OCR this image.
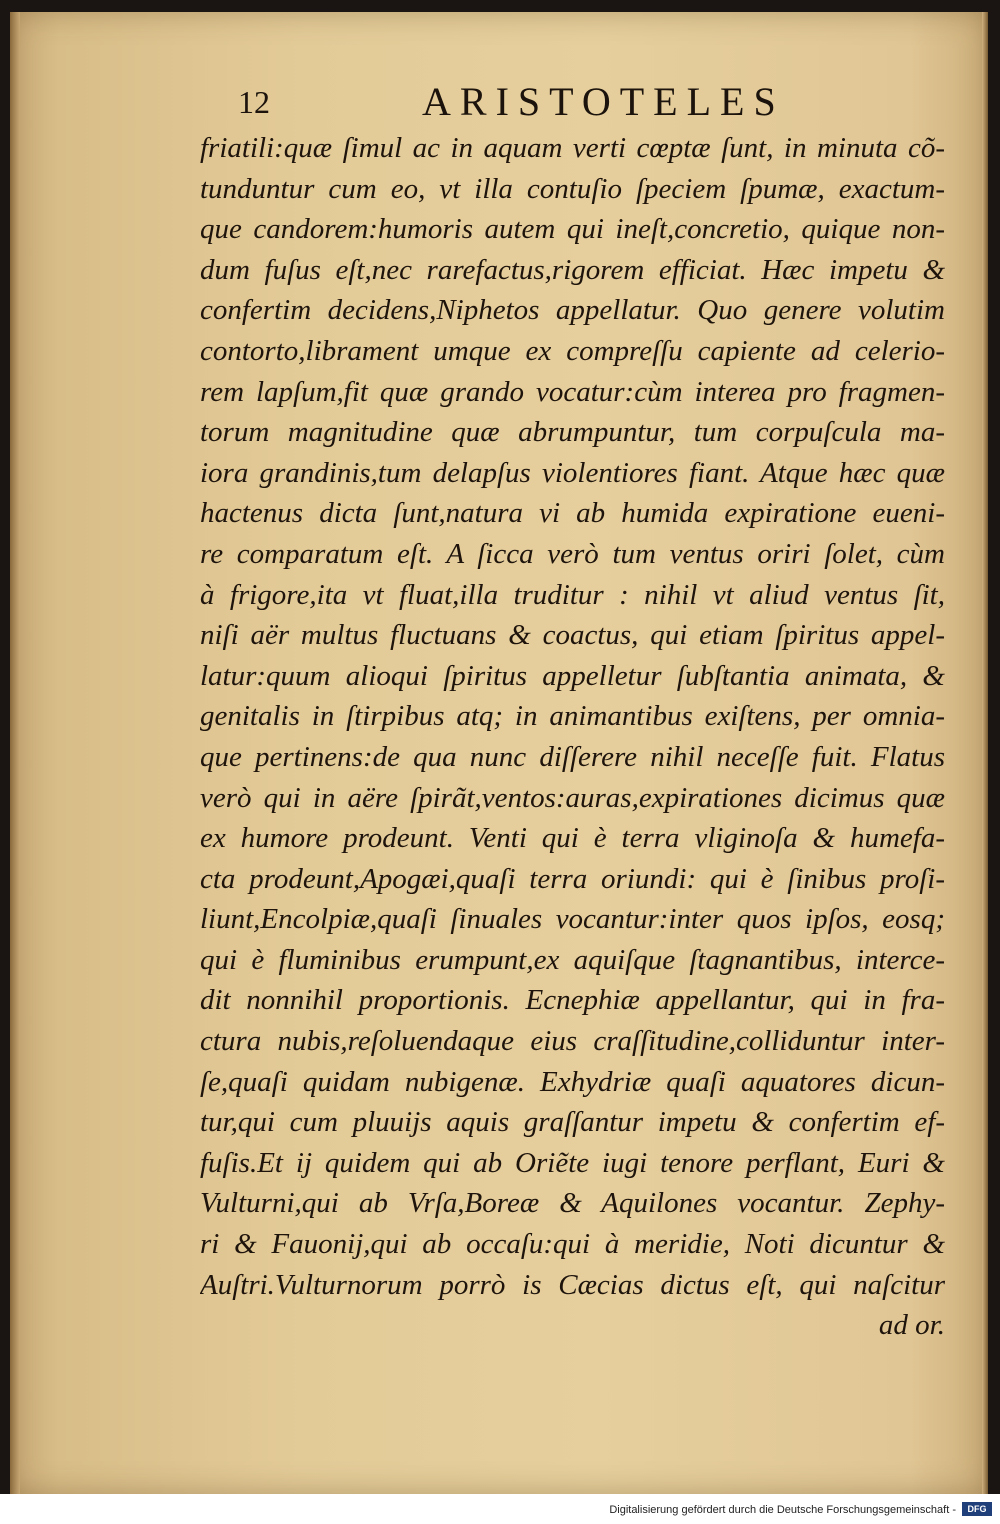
12	ARISTOTELES
friatili:quæ ſimul ac in aquam verti cœptæ ſunt, in minuta cõ-
tunduntur cum eo, vt illa contuſio ſpeciem ſpumæ, exactum-
que candorem:humoris autem qui ineſt,concretio, quique non-
dum fuſus eſt,nec rarefactus,rigorem efficiat. Hæc impetu &
confertim decidens,Niphetos appellatur. Quo genere volutim
contorto,librament umque ex compreſſu capiente ad celerio-
rem lapſum,fit quæ grando vocatur:cùm interea pro fragmen-
torum magnitudine quæ abrumpuntur, tum corpuſcula ma-
iora grandinis,tum delapſus violentiores fiant. Atque hæc quæ
hactenus dicta ſunt,natura vi ab humida expiratione eueni-
re comparatum eſt. A ſicca verò tum ventus oriri ſolet, cùm
à frigore,ita vt fluat,illa truditur : nihil vt aliud ventus ſit,
niſi aër multus fluctuans & coactus, qui etiam ſpiritus appel-
latur:quum alioqui ſpiritus appelletur ſubſtantia animata, &
genitalis in ſtirpibus atq; in animantibus exiſtens, per omnia-
que pertinens:de qua nunc diſſerere nihil neceſſe fuit. Flatus
verò qui in aëre ſpirãt,ventos:auras,expirationes dicimus quæ
ex humore prodeunt. Venti qui è terra vliginoſa & humefa-
cta prodeunt,Apogæi,quaſi terra oriundi: qui è ſinibus proſi-
liunt,Encolpiæ,quaſi ſinuales vocantur:inter quos ipſos, eosq;
qui è fluminibus erumpunt,ex aquiſque ſtagnantibus, interce-
dit nonnihil proportionis. Ecnephiæ appellantur, qui in fra-
ctura nubis,reſoluendaque eius craſſitudine,colliduntur inter-
ſe,quaſi quidam nubigenæ. Exhydriæ quaſi aquatores dicun-
tur,qui cum pluuijs aquis graſſantur impetu & confertim ef-
fuſis.Et ij quidem qui ab Oriẽte iugi tenore perflant, Euri &
Vulturni,qui ab Vrſa,Boreæ & Aquilones vocantur. Zephy-
ri & Fauonij,qui ab occaſu:qui à meridie, Noti dicuntur &
Auſtri.Vulturnorum porrò is Cæcias dictus eſt, qui naſcitur
ad or.
Digitalisierung gefördert durch die Deutsche Forschungsgemeinschaft -	DFG
